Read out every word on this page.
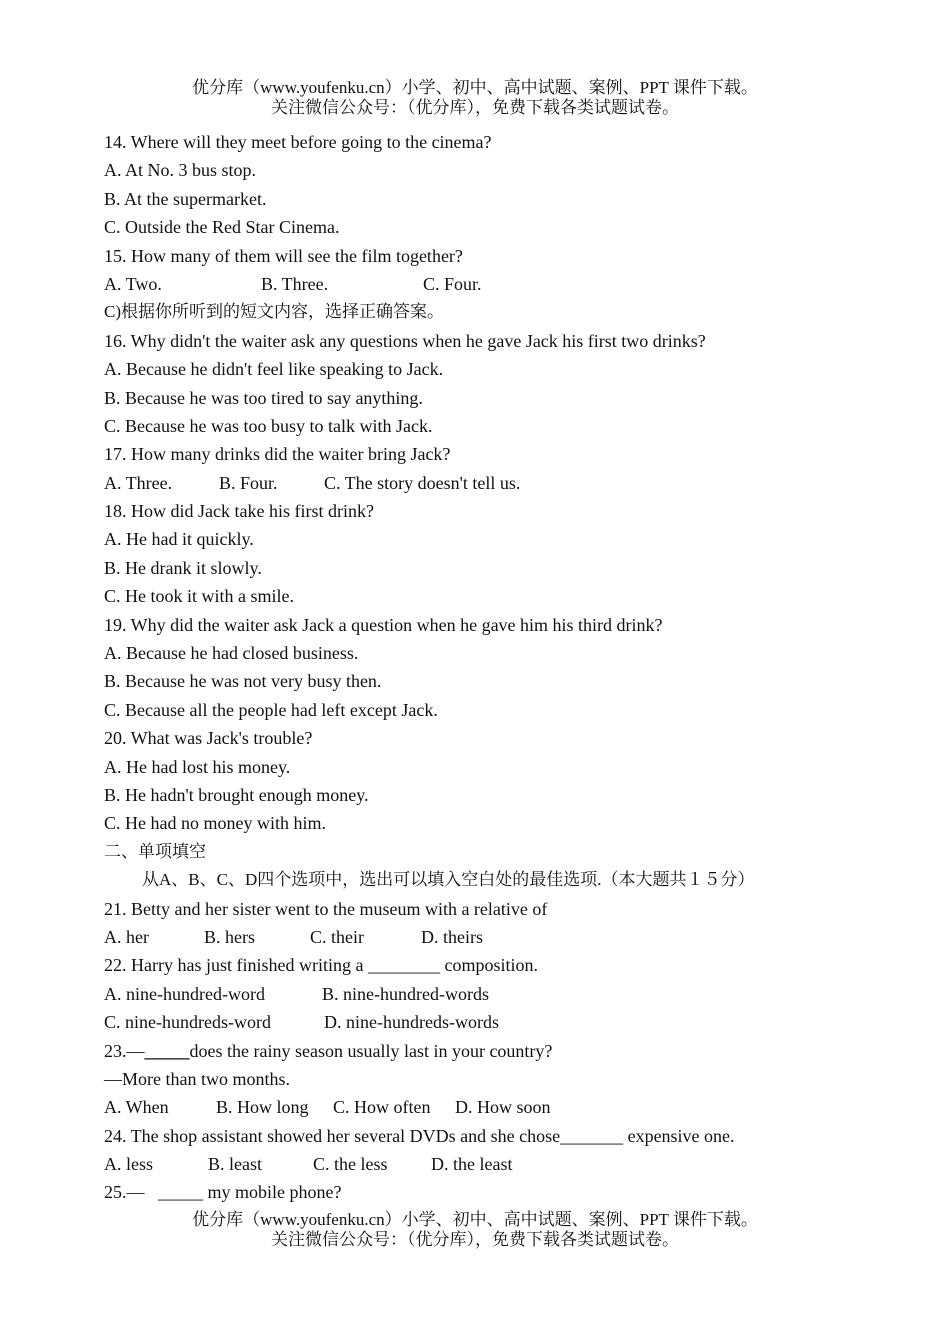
优分库（www.youfenku.cn）小学、初中、高中试题、案例、PPT 课件下载。
关注微信公众号：（优分库），免费下载各类试题试卷。
14. Where will they meet before going to the cinema?
A. At No. 3 bus stop.
B. At the supermarket.
C. Outside the Red Star Cinema.
15. How many of them will see the film together?
A. Two.	B. Three.	C. Four.
C)根据你所听到的短文内容，选择正确答案。
16. Why didn't the waiter ask any questions when he gave Jack his first two drinks?
A. Because he didn't feel like speaking to Jack.
B. Because he was too tired to say anything.
C. Because he was too busy to talk with Jack.
17. How many drinks did the waiter bring Jack?
A. Three.	B. Four.	C. The story doesn't tell us.
18. How did Jack take his first drink?
A. He had it quickly.
B. He drank it slowly.
C. He took it with a smile.
19. Why did the waiter ask Jack a question when he gave him his third drink?
A. Because he had closed business.
B. Because he was not very busy then.
C. Because all the people had left except Jack.
20. What was Jack's trouble?
A. He had lost his money.
B. He hadn't brought enough money.
C. He had no money with him.
二、单项填空
从A、B、C、D四个选项中，选出可以填入空白处的最佳选项.（本大题共１５分）
21. Betty and her sister went to the museum with a relative of
A. her	B. hers	C. their	D. theirs
22. Harry has just finished writing a ________ composition.
A. nine-hundred-word	B. nine-hundred-words
C. nine-hundreds-word	D. nine-hundreds-words
23.—_____does the rainy season usually last in your country?
—More than two months.
A. When	B. How long C. How often D. How soon
24. The shop assistant showed her several DVDs and she chose_______ expensive one.
A. less	B. least	C. the less D. the least
25.—   _____ my mobile phone?
优分库（www.youfenku.cn）小学、初中、高中试题、案例、PPT 课件下载。
关注微信公众号：（优分库），免费下载各类试题试卷。
